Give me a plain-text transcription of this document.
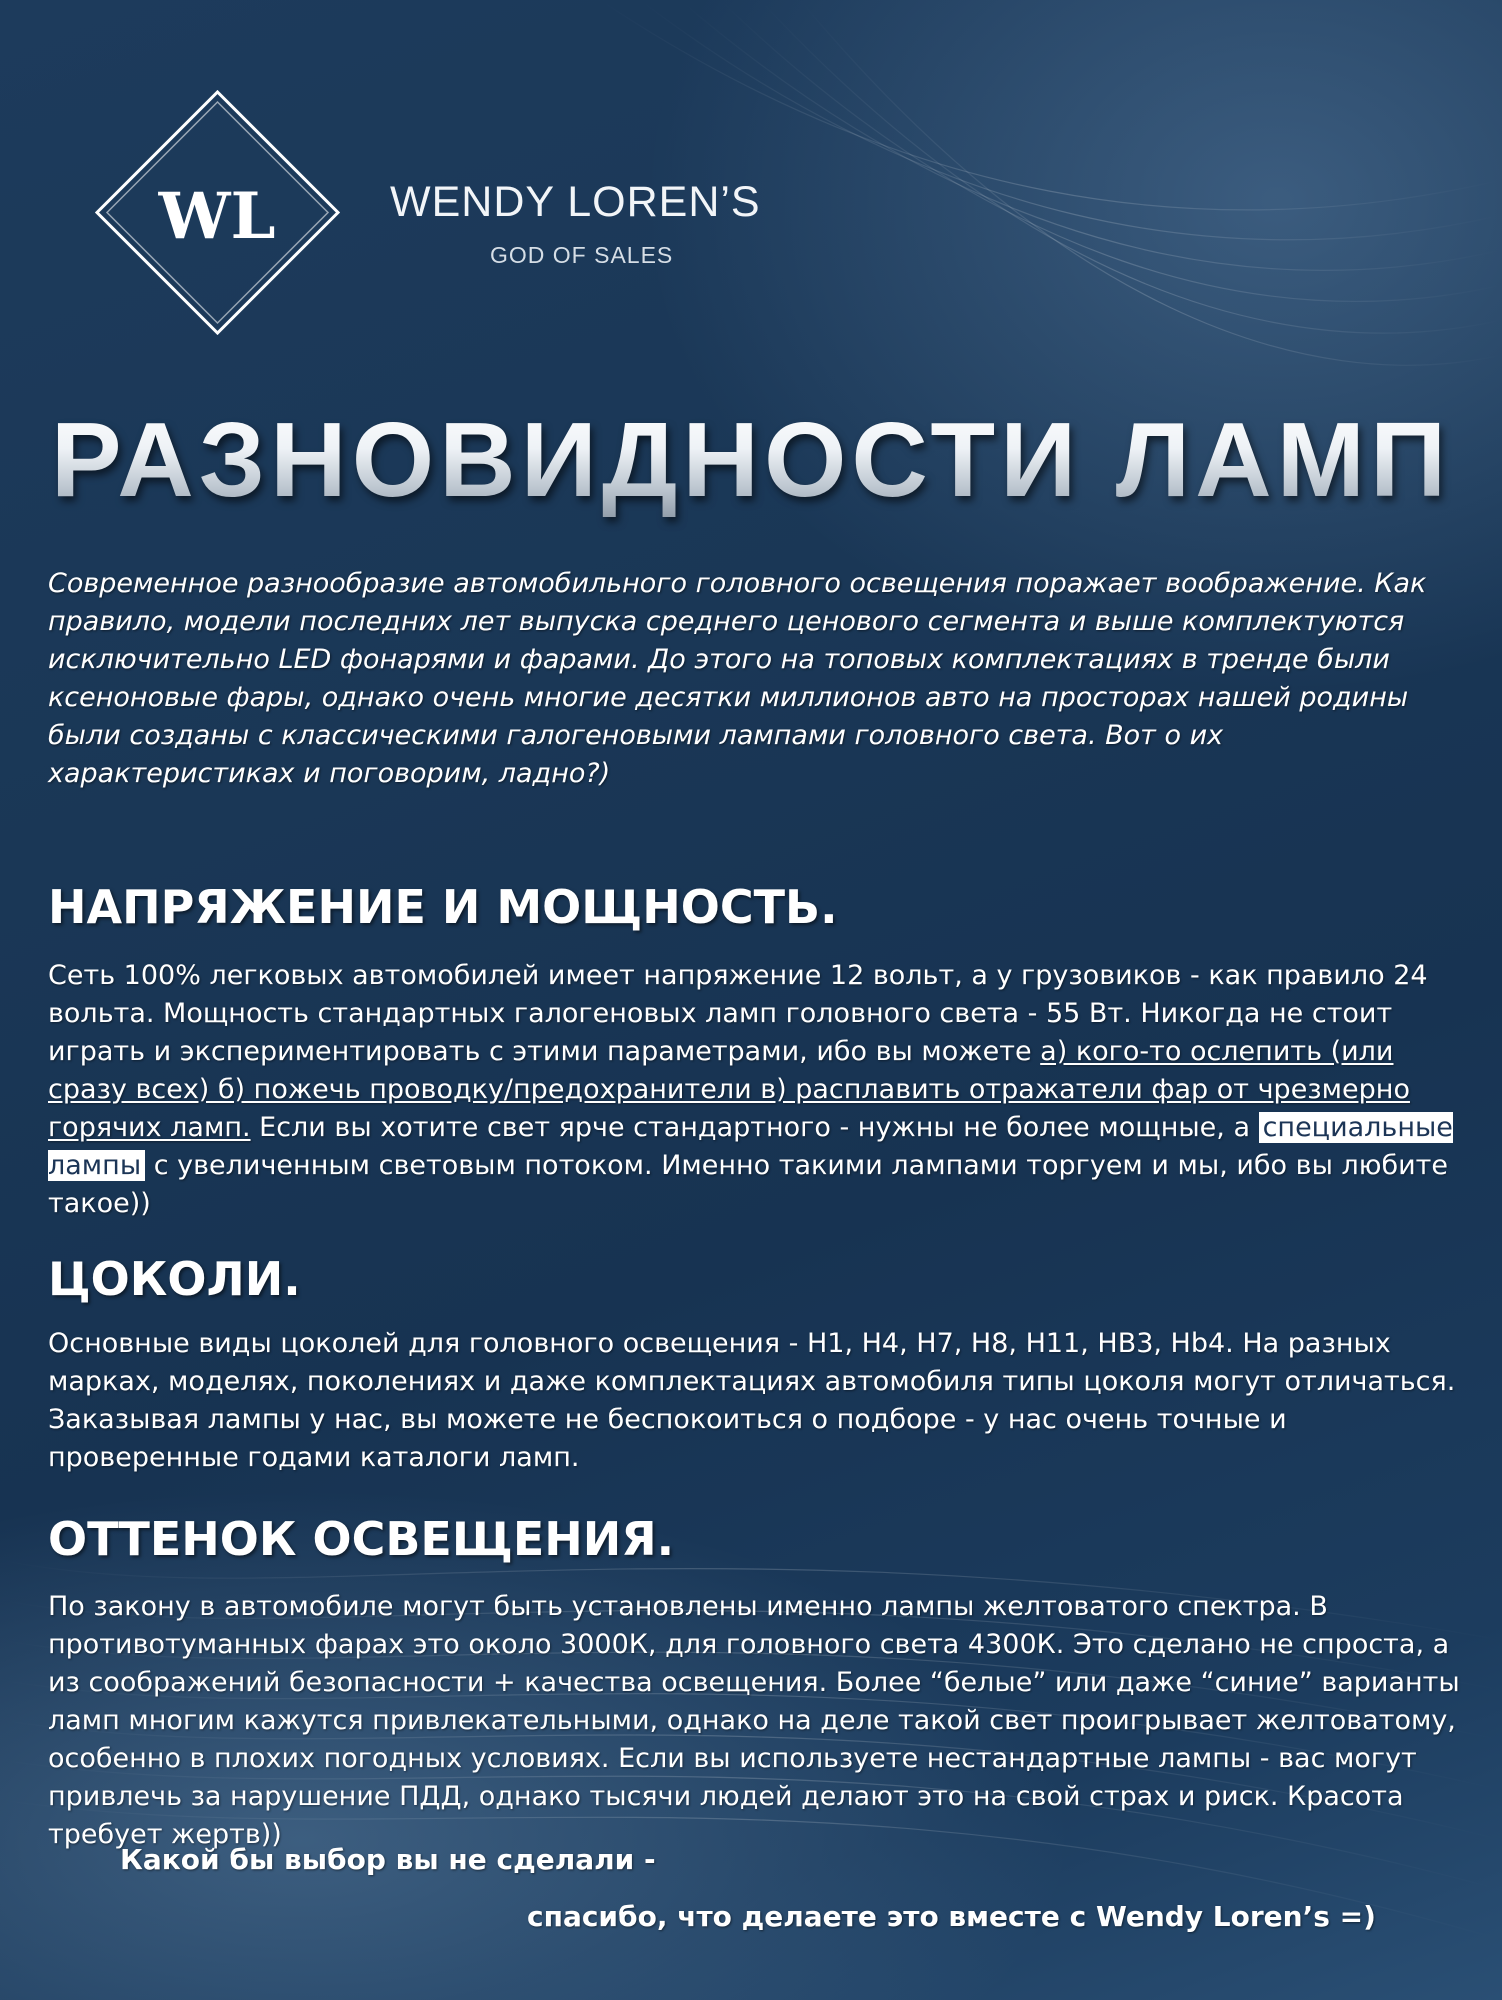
WL	WENDY LOREN’S
GOD OF SALES
РАЗНОВИДНОСТИ ЛАМП

Современное разнообразие автомобильного головного освещения поражает воображение. Как правило, модели последних лет выпуска среднего ценового сегмента и выше комплектуются исключительно LED фонарями и фарами. До этого на топовых комплектациях в тренде были ксеноновые фары, однако очень многие десятки миллионов авто на просторах нашей родины были созданы с классическими галогеновыми лампами головного света. Вот о их характеристиках и поговорим, ладно?)

НАПРЯЖЕНИЕ И МОЩНОСТЬ.

Сеть 100% легковых автомобилей имеет напряжение 12 вольт, а у грузовиков - как правило 24 вольта. Мощность стандартных галогеновых ламп головного света - 55 Вт. Никогда не стоит играть и экспериментировать с этими параметрами, ибо вы можете а) кого-то ослепить (или сразу всех) б) пожечь проводку/предохранители в) расплавить отражатели фар от чрезмерно горячих ламп. Если вы хотите свет ярче стандартного - нужны не более мощные, а специальные лампы с увеличенным световым потоком. Именно такими лампами торгуем и мы, ибо вы любите такое))

ЦОКОЛИ.

Основные виды цоколей для головного освещения - H1, H4, H7, H8, H11, HB3, Hb4. На разных марках, моделях, поколениях и даже комплектациях автомобиля типы цоколя могут отличаться. Заказывая лампы у нас, вы можете не беспокоиться о подборе - у нас очень точные и проверенные годами каталоги ламп.

ОТТЕНОК ОСВЕЩЕНИЯ.

По закону в автомобиле могут быть установлены именно лампы желтоватого спектра. В противотуманных фарах это около 3000К, для головного света 4300К. Это сделано не спроста, а из соображений безопасности + качества освещения. Более “белые” или даже “синие” варианты ламп многим кажутся привлекательными, однако на деле такой свет проигрывает желтоватому, особенно в плохих погодных условиях. Если вы используете нестандартные лампы - вас могут привлечь за нарушение ПДД, однако тысячи людей делают это на свой страх и риск. Красота требует жертв))

Какой бы выбор вы не сделали -
спасибо, что делаете это вместе с Wendy Loren’s =)
